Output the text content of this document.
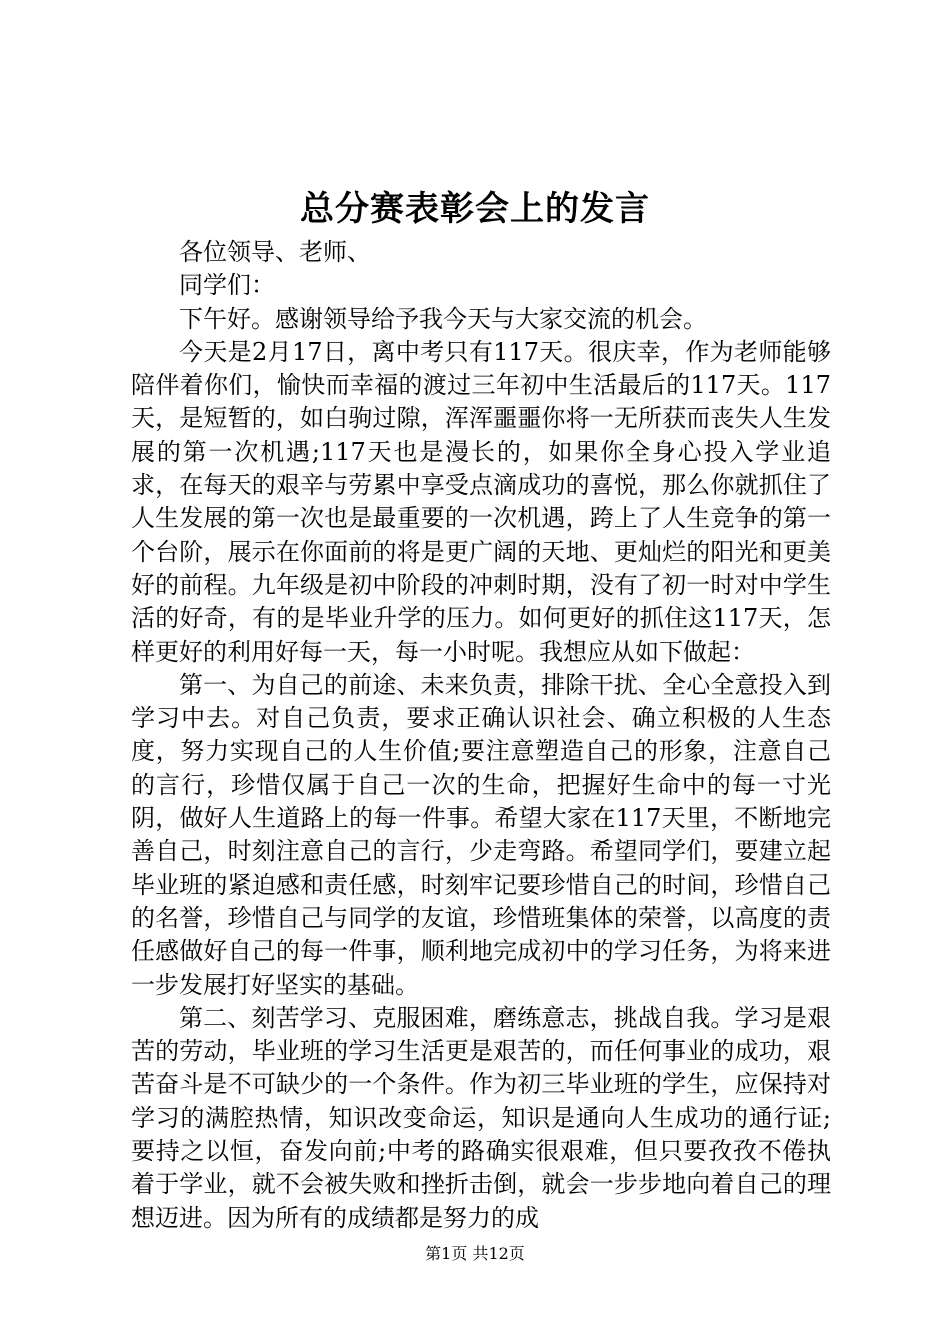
总分赛表彰会上的发言

各位领导、老师、

同学们：

下午好。感谢领导给予我今天与大家交流的机会。

今天是2月17日，离中考只有117天。很庆幸，作为老师能够陪伴着你们，愉快而幸福的渡过三年初中生活最后的117天。117天，是短暂的，如白驹过隙，浑浑噩噩你将一无所获而丧失人生发展的第一次机遇;117天也是漫长的，如果你全身心投入学业追求，在每天的艰辛与劳累中享受点滴成功的喜悦，那么你就抓住了人生发展的第一次也是最重要的一次机遇，跨上了人生竞争的第一个台阶，展示在你面前的将是更广阔的天地、更灿烂的阳光和更美好的前程。九年级是初中阶段的冲刺时期，没有了初一时对中学生活的好奇，有的是毕业升学的压力。如何更好的抓住这117天，怎样更好的利用好每一天，每一小时呢。我想应从如下做起：

第一、为自己的前途、未来负责，排除干扰、全心全意投入到学习中去。对自己负责，要求正确认识社会、确立积极的人生态度，努力实现自己的人生价值;要注意塑造自己的形象，注意自己的言行，珍惜仅属于自己一次的生命，把握好生命中的每一寸光阴，做好人生道路上的每一件事。希望大家在117天里，不断地完善自己，时刻注意自己的言行，少走弯路。希望同学们，要建立起毕业班的紧迫感和责任感，时刻牢记要珍惜自己的时间，珍惜自己的名誉，珍惜自己与同学的友谊，珍惜班集体的荣誉，以高度的责任感做好自己的每一件事，顺利地完成初中的学习任务，为将来进一步发展打好坚实的基础。

第二、刻苦学习、克服困难，磨练意志，挑战自我。学习是艰苦的劳动，毕业班的学习生活更是艰苦的，而任何事业的成功，艰苦奋斗是不可缺少的一个条件。作为初三毕业班的学生，应保持对学习的满腔热情，知识改变命运，知识是通向人生成功的通行证;要持之以恒，奋发向前;中考的路确实很艰难，但只要孜孜不倦执着于学业，就不会被失败和挫折击倒，就会一步步地向着自己的理想迈进。因为所有的成绩都是努力的成

第1页 共12页
